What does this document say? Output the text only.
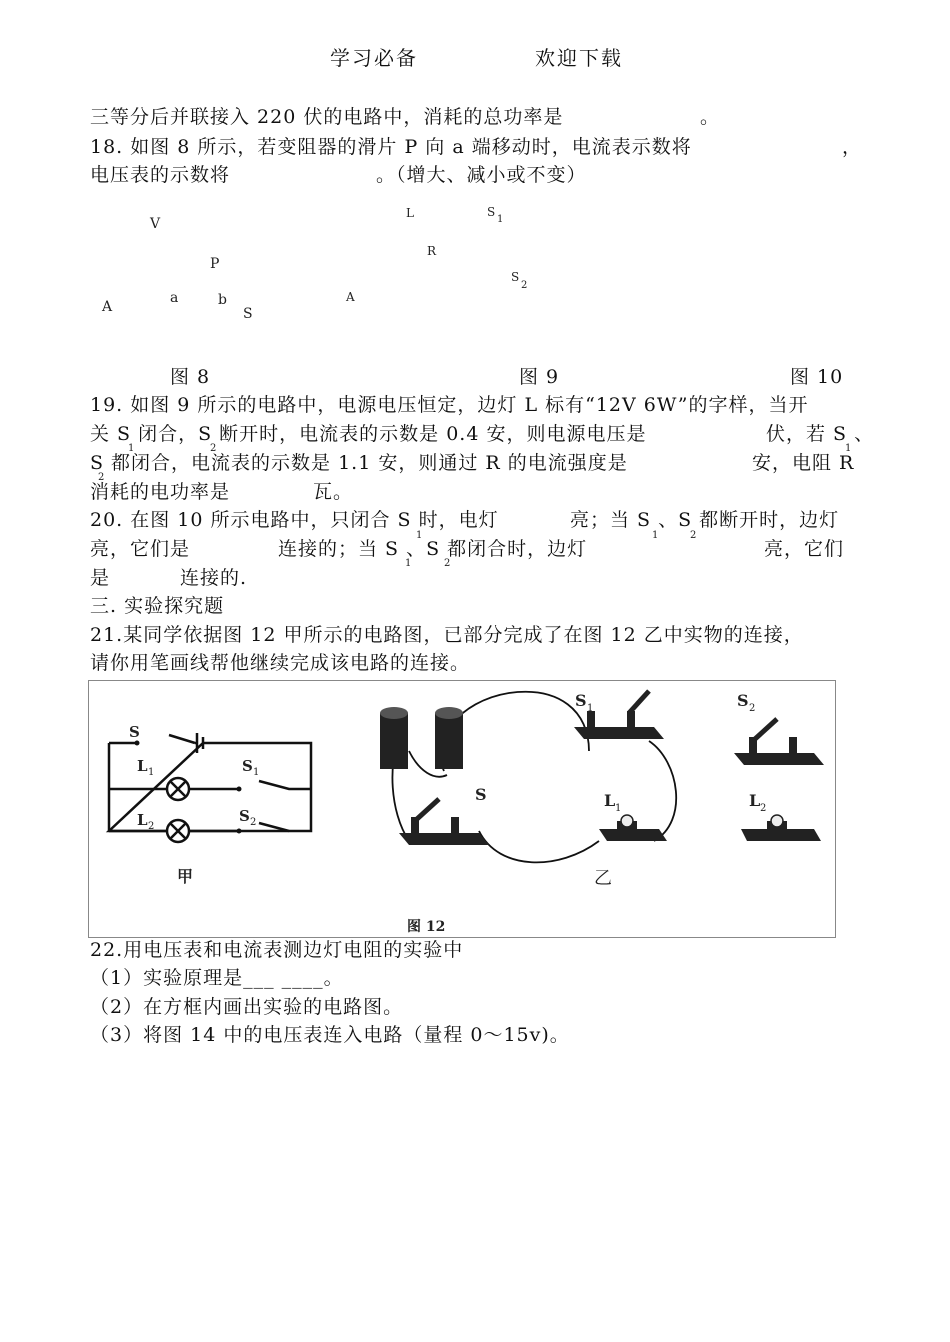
学习必备	欢迎下载
三等分后并联接入 220 伏的电路中，消耗的总功率是	。
18. 如图 8 所示，若变阻器的滑片 P 向 a 端移动时，电流表示数将	，
电压表的示数将	。（增大、减小或不变）
V
P
A
a	b
S
L	S
1
R
S
2
A
图 8	图 9	图 10
19. 如图 9 所示的电路中，电源电压恒定，边灯 L 标有“12V 6W”的字样，当开
关 S 闭合，S 断开时，电流表的示数是 0.4 安，则电源电压是	伏，若 S 、
1	2	1
S 都闭合，电流表的示数是 1.1 安，则通过 R 的电流强度是	安，电阻 R
2
消耗的电功率是	瓦。
20. 在图 10 所示电路中，只闭合 S 时，电灯	亮；当 S 、S 都断开时，边灯
1	1	2
亮，它们是	连接的；当 S 、S 都闭合时，边灯	亮，它们
1	2
是	连接的.
三. 实验探究题
21.某同学依据图 12 甲所示的电路图，已部分完成了在图 12 乙中实物的连接，
请你用笔画线帮他继续完成该电路的连接。
S
L 1	S 1
L 2
S 2
甲
S
S 1	S 2
L 1	L 2
乙
图 12
22.用电压表和电流表测边灯电阻的实验中
（1）实验原理是___ ____。
（2）在方框内画出实验的电路图。
（3）将图 14 中的电压表连入电路（量程 0～15v)。
